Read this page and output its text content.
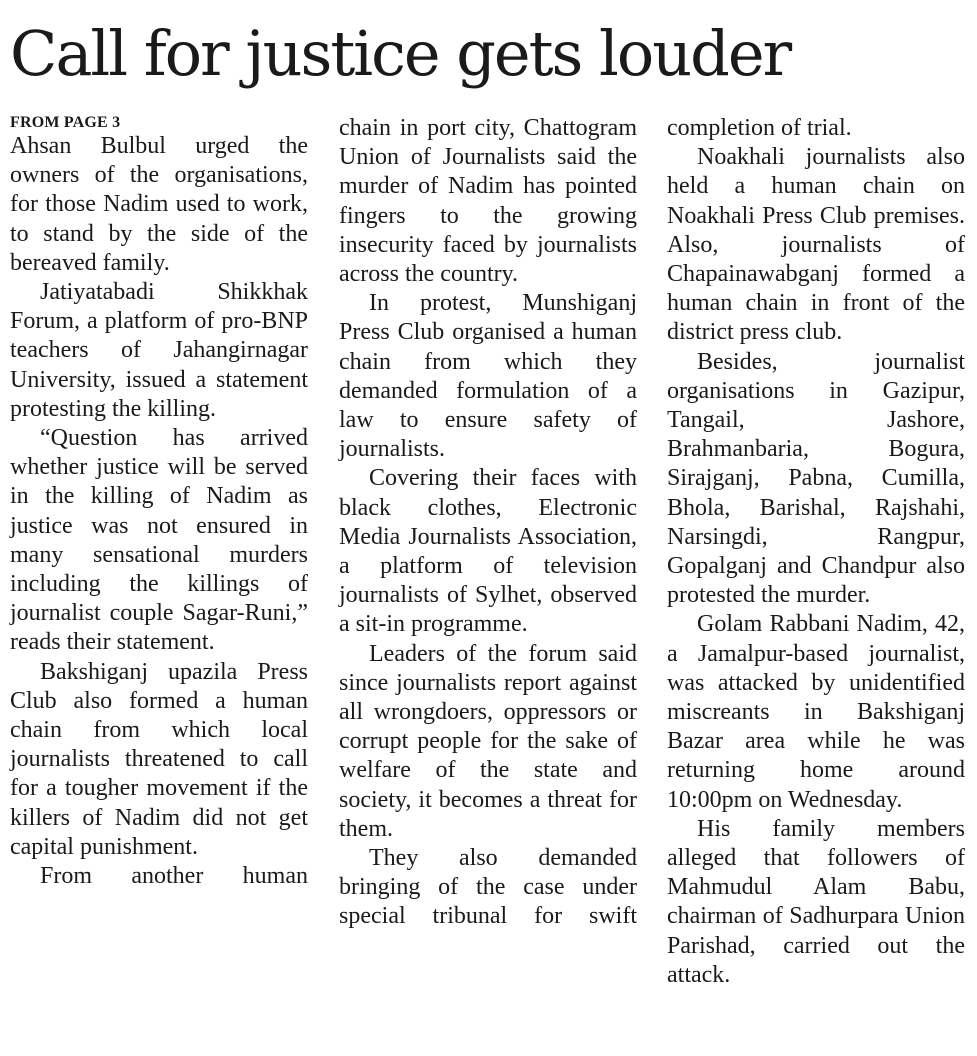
Call for justice gets louder
FROM PAGE 3

Ahsan Bulbul urged the owners of the organisations, for those Nadim used to work, to stand by the side of the bereaved family.

Jatiyatabadi Shikkhak Forum, a platform of pro-BNP teachers of Jahangirnagar University, issued a statement protesting the killing.

“Question has arrived whether justice will be served in the killing of Nadim as justice was not ensured in many sensational murders including the killings of journalist couple Sagar-Runi,” reads their statement.

Bakshiganj upazila Press Club also formed a human chain from which local journalists threatened to call for a tougher movement if the killers of Nadim did not get capital punishment.

From another human

chain in port city, Chattogram Union of Journalists said the murder of Nadim has pointed fingers to the growing insecurity faced by journalists across the country.

In protest, Munshiganj Press Club organised a human chain from which they demanded formulation of a law to ensure safety of journalists.

Covering their faces with black clothes, Electronic Media Journalists Association, a platform of television journalists of Sylhet, observed a sit-in programme.

Leaders of the forum said since journalists report against all wrongdoers, oppressors or corrupt people for the sake of welfare of the state and society, it becomes a threat for them.

They also demanded bringing of the case under special tribunal for swift

completion of trial.

Noakhali journalists also held a human chain on Noakhali Press Club premises. Also, journalists of Chapainawabganj formed a human chain in front of the district press club.

Besides, journalist organisations in Gazipur, Tangail, Jashore, Brahmanbaria, Bogura, Sirajganj, Pabna, Cumilla, Bhola, Barishal, Rajshahi, Narsingdi, Rangpur, Gopalganj and Chandpur also protested the murder.

Golam Rabbani Nadim, 42, a Jamalpur-based journalist, was attacked by unidentified miscreants in Bakshiganj Bazar area while he was returning home around 10:00pm on Wednesday.

His family members alleged that followers of Mahmudul Alam Babu, chairman of Sadhurpara Union Parishad, carried out the attack.
